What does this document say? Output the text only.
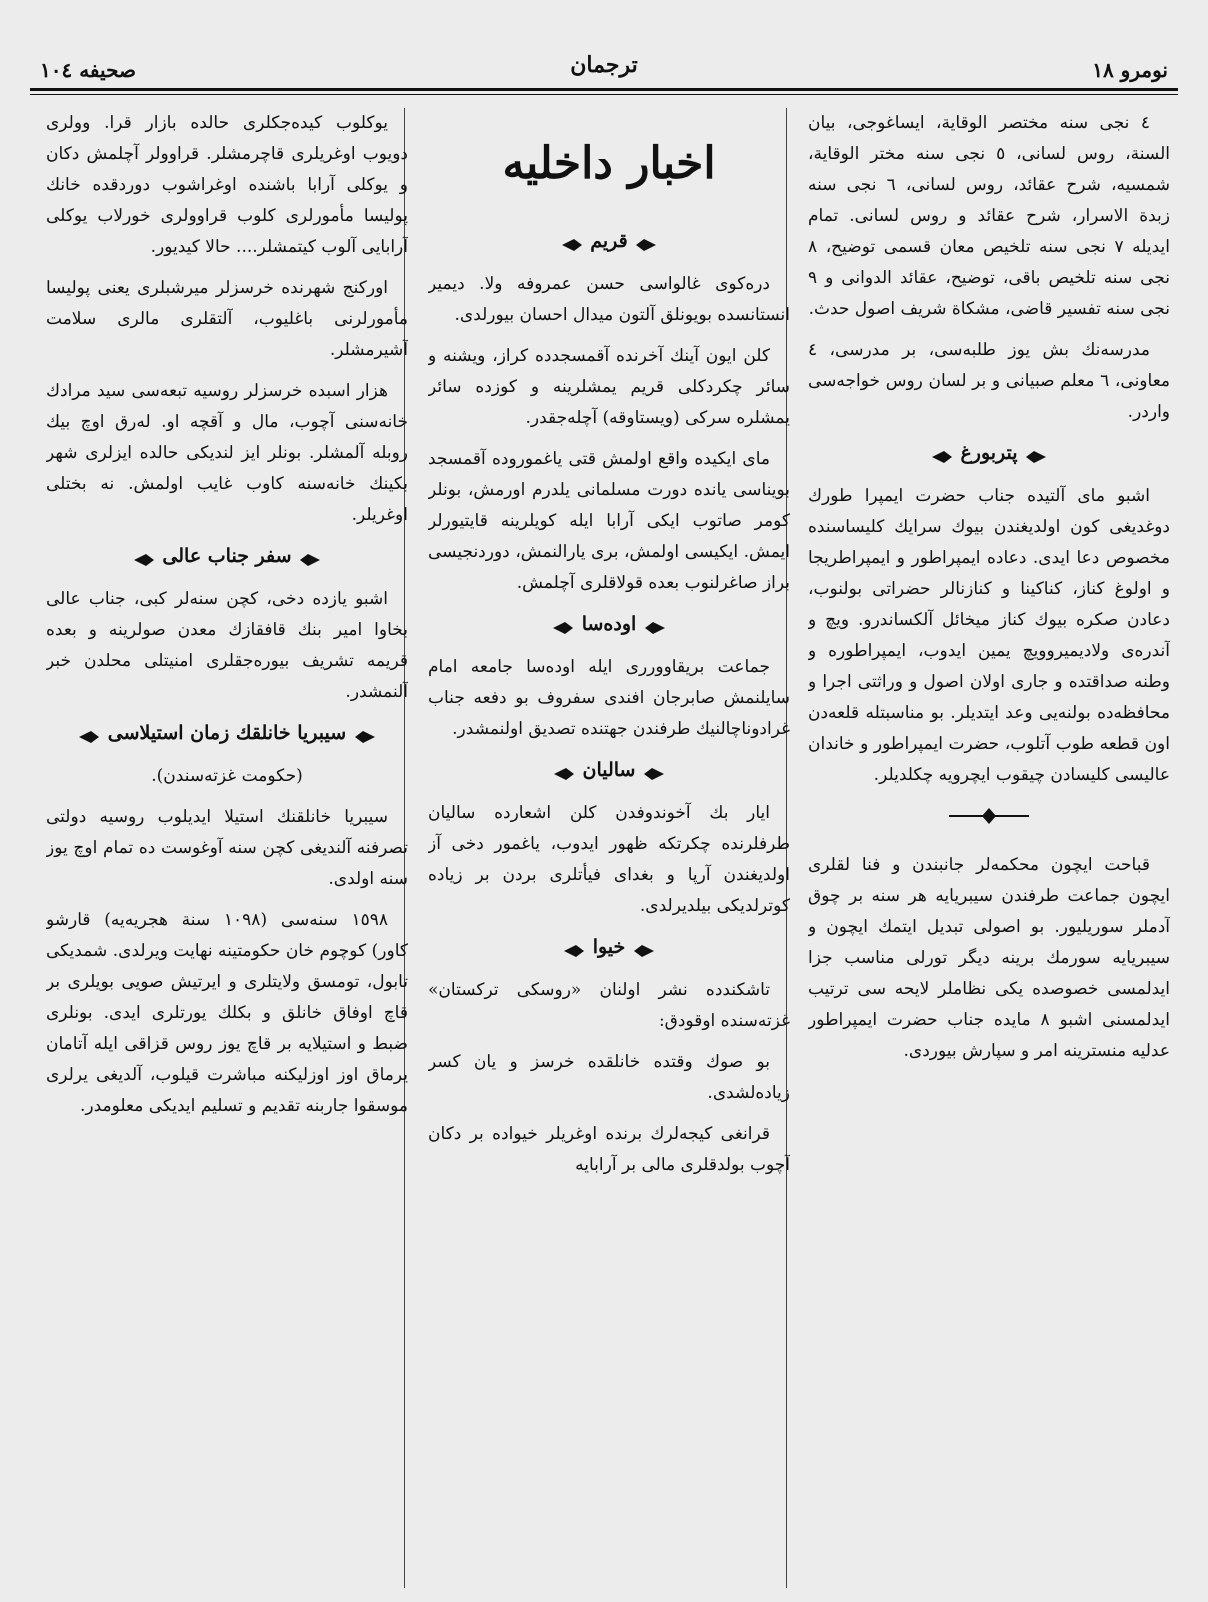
صحيفه ١٠٤	ترجمان	نومرو ١٨

٤ نجی سنه مختصر الوقاية، ايساغوجی، بيان السنة، روس لسانی، ٥ نجی سنه مختر الوقاية، شمسيه، شرح عقائد، روس لسانی، ٦ نجی سنه زبدة الاسرار، شرح عقائد و روس لسانی. تمام ايديله ٧ نجی سنه تلخيص معان قسمی توضيح، ٨ نجی سنه تلخيص باقی، توضيح، عقائد الدوانی و ٩ نجی سنه تفسير قاضی، مشكاة شريف اصول حدث.

مدرسه‌نك بش يوز طلبه‌سی، بر مدرسی، ٤ معاونی، ٦ معلم صبيانی و بر لسان روس خواجه‌سی واردر.

پتربورغ

اشبو مای آلتيده جناب حضرت ايمپرا طورك دوغديغی كون اولديغندن بيوك سرايك كليساسنده مخصوص دعا ايدی. دعاده ايمپراطور و ايمپراطريجا و اولوغ كناز، كناكينا و كنازنالر حضراتی بولنوب، دعادن صكره بيوك كناز ميخائل آلكساندرو. ويچ و آندره‌ی ولاديميروويچ يمين ايدوب، ايمپراطوره و وطنه صداقتده و جاری اولان اصول و وراثتی اجرا و محافظه‌ده بولنه‌يی وعد ايتديلر. بو مناسبتله قلعه‌دن اون قطعه طوب آتلوب، حضرت ايمپراطور و خاندان عاليسی كليسادن چيقوب ايچرويه چكلديلر.

قباحت ايچون محكمه‌لر جانبندن و فنا لقلری ايچون جماعت طرفندن سيبريايه هر سنه بر چوق آدملر سوريليور. بو اصولی تبديل ايتمك ايچون و سيبريايه سورمك برينه ديگر تورلی مناسب جزا ايدلمسی خصوصده يكی نظاملر لايحه سی ترتيب ايدلمسنی اشبو ٨ مايده جناب حضرت ايمپراطور عدليه منسترينه امر و سپارش بيوردی.

اخبار داخليه
قريم

دره‌كوی غالواسی حسن عمروفه ولا. ديمير انستانسده بويونلق آلتون ميدال احسان بيورلدی.

كلن ايون آينك آخرنده آقمسجدده كراز، ويشنه و سائر چكردكلی قريم يمشلرينه و كوزده سائر يمشلره سركی (ويستاوقه) آچله‌جقدر.

مای ايكيده واقع اولمش قتی ياغموروده آقمسجد بويناسی يانده دورت مسلمانی يلدرم اورمش، بونلر كومر صاتوب ايكی آرابا ايله كويلرينه قايتيورلر ايمش. ايكيسی اولمش، بری يارالنمش، دوردنجيسی براز صاغرلنوب بعده قولاقلری آچلمش.

اوده‌سا

جماعت بريقاوورری ايله اوده‌سا جامعه امام سايلنمش صابرجان افندی سفروف بو دفعه جناب غرادوناچالنيك طرفندن جهتنده تصديق اولنمشدر.

ساليان

ايار بك آخوندوفدن كلن اشعارده ساليان طرفلرنده چكرتكه ظهور ايدوب، ياغمور دخی آز اولديغندن آرپا و بغدای فيأتلری بردن بر زياده كوترلديكی بيلديرلدی.

خيوا

تاشكندده نشر اولنان «روسكی تركستان» غزته‌سنده اوقودق:

بو صوك وقتده خانلقده خرسز و يان كسر زياده‌لشدی.

قرانغی كيجه‌لرك برنده اوغريلر خيواده بر دكان آچوب بولدقلری مالی بر آرابايه

يوكلوب كيده‌جكلری حالده بازار قرا. وولری دويوب اوغريلری قاچرمشلر. قراوولر آچلمش دكان و يوكلی آرابا باشنده اوغراشوب دوردقده خانك پوليسا مأمورلری كلوب قراوولری خورلاب يوكلی آرابايی آلوب كيتمشلر.... حالا كيديور.

اوركنج شهرنده خرسزلر ميرشبلری يعنی پوليسا مأمورلرنی باغليوب، آلتقلری مالری سلامت آشيرمشلر.

هزار اسبده خرسزلر روسيه تبعه‌سی سيد مرادك خانه‌سنی آچوب، مال و آقچه او. لەرق اوچ بيك روبله آلمشلر. بونلر ايز لنديكی حالده ايزلری شهر بكينك خانه‌سنه كاوب غايب اولمش. نه بختلی اوغريلر.

سفر جناب عالی

اشبو يازده دخی، كچن سنه‌لر كبی، جناب عالی بخاوا امير بنك قافقازك معدن صولرينه و بعده قريمه تشريف بيوره‌جقلری امنيتلی محلدن خبر آلنمشدر.

سيبريا خانلقك زمان استيلاسی
(حكومت غزته‌سندن).

سيبريا خانلقنك استيلا ايديلوب روسيه دولتی تصرفنه آلنديغی كچن سنه آوغوست ده تمام اوچ يوز سنه اولدی.

١٥٩٨ سنه‌سی (١٠٩٨ سنة هجريه‌يه) قارشو كاور) كوچوم خان حكومتينه نهايت ويرلدی. شمديكی تابول، تومسق ولايتلری و ايرتيش صويی بويلری بر قاچ اوفاق خانلق و بكلك يورتلری ايدی. بونلری ضبط و استيلايه بر قاچ يوز روس قزاقی ايله آتامان يرماق اوز اوزليكنه مباشرت قيلوب، آلديغی يرلری موسقوا جاربنه تقديم و تسليم ايديكی معلومدر.
